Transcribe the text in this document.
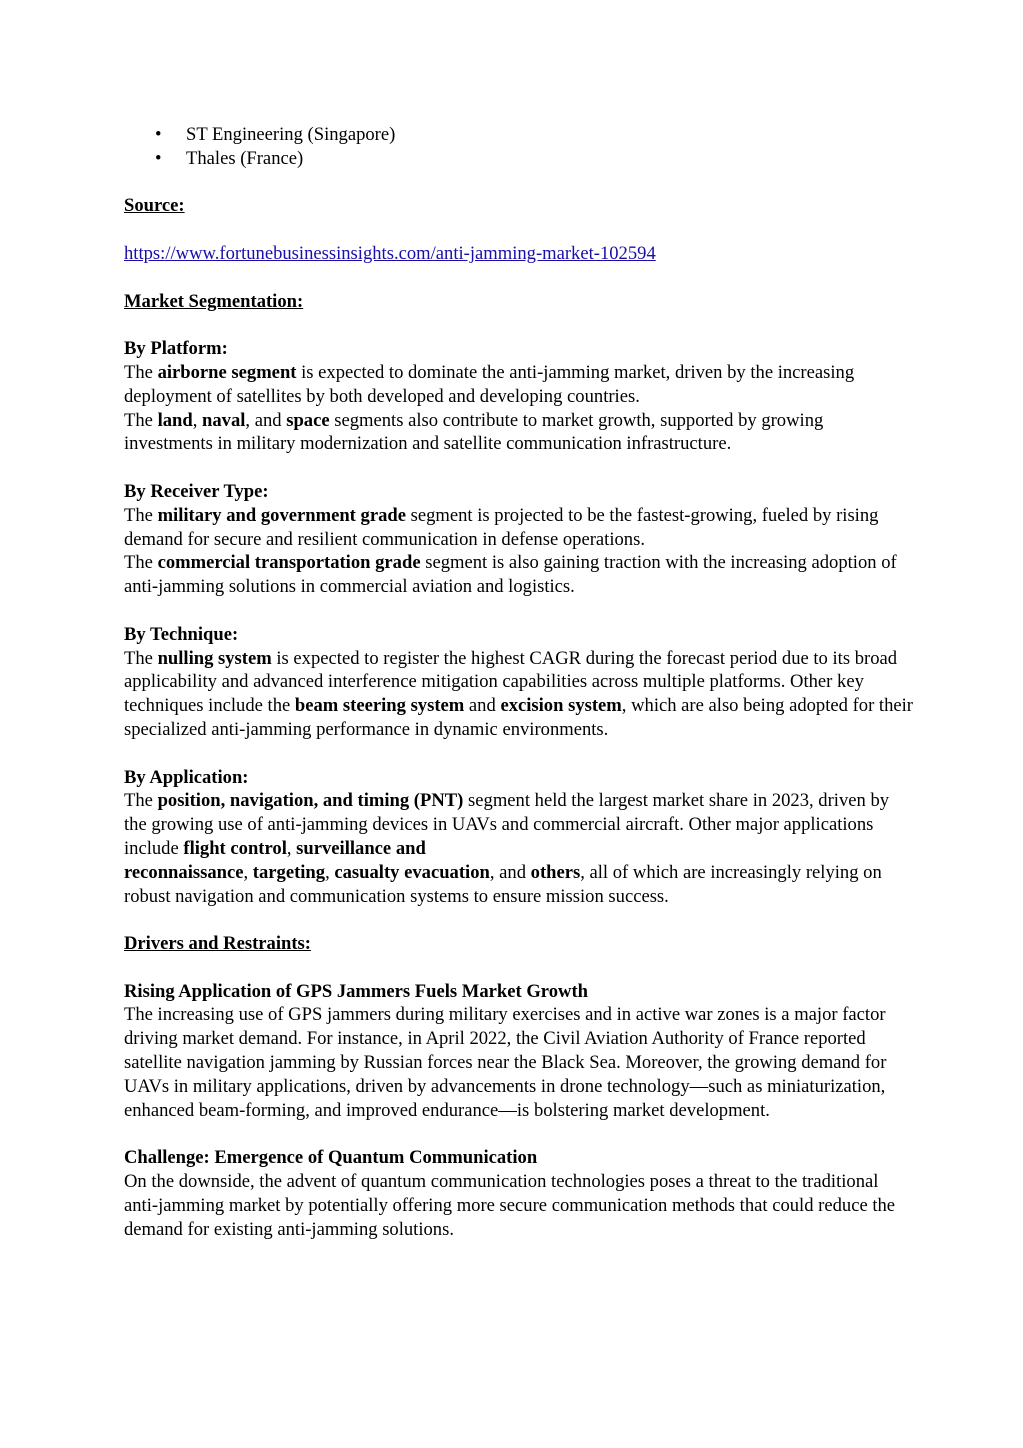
• ST Engineering (Singapore)
• Thales (France)
Source:
https://www.fortunebusinessinsights.com/anti-jamming-market-102594
Market Segmentation:

By Platform:

The airborne segment is expected to dominate the anti-jamming market, driven by the increasing deployment of satellites by both developed and developing countries.

The land, naval, and space segments also contribute to market growth, supported by growing investments in military modernization and satellite communication infrastructure.

By Receiver Type:

The military and government grade segment is projected to be the fastest-growing, fueled by rising demand for secure and resilient communication in defense operations.

The commercial transportation grade segment is also gaining traction with the increasing adoption of anti-jamming solutions in commercial aviation and logistics.

By Technique:

The nulling system is expected to register the highest CAGR during the forecast period due to its broad applicability and advanced interference mitigation capabilities across multiple platforms. Other key techniques include the beam steering system and excision system, which are also being adopted for their specialized anti-jamming performance in dynamic environments.

By Application:

The position, navigation, and timing (PNT) segment held the largest market share in 2023, driven by the growing use of anti-jamming devices in UAVs and commercial aircraft. Other major applications include flight control, surveillance and

reconnaissance, targeting, casualty evacuation, and others, all of which are increasingly relying on robust navigation and communication systems to ensure mission success.

Drivers and Restraints:

Rising Application of GPS Jammers Fuels Market Growth

The increasing use of GPS jammers during military exercises and in active war zones is a major factor driving market demand. For instance, in April 2022, the Civil Aviation Authority of France reported satellite navigation jamming by Russian forces near the Black Sea. Moreover, the growing demand for UAVs in military applications, driven by advancements in drone technology—such as miniaturization, enhanced beam-forming, and improved endurance—is bolstering market development.

Challenge: Emergence of Quantum Communication

On the downside, the advent of quantum communication technologies poses a threat to the traditional anti-jamming market by potentially offering more secure communication methods that could reduce the demand for existing anti-jamming solutions.
